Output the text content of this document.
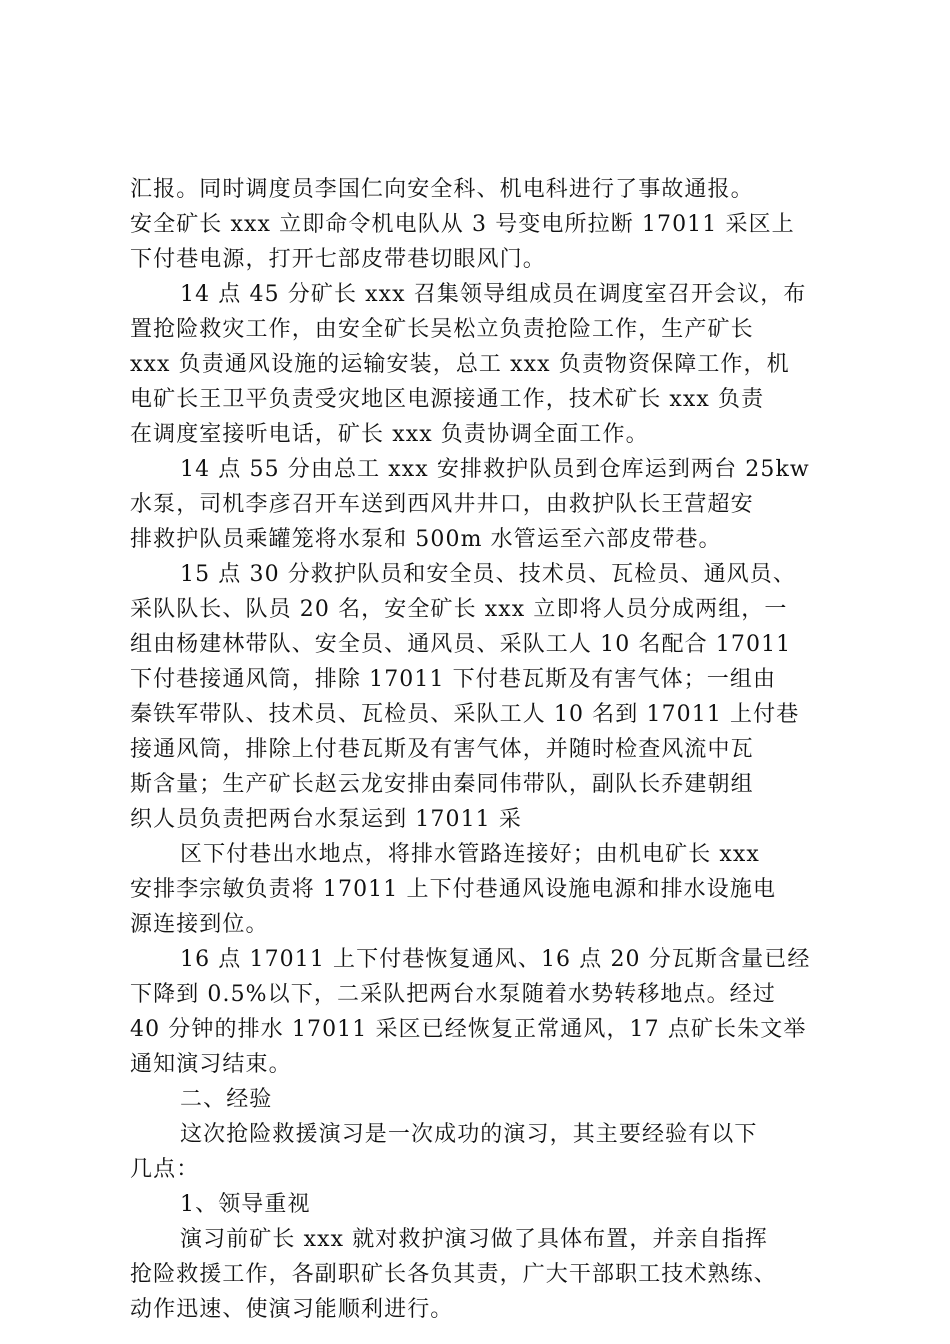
汇报。同时调度员李国仁向安全科、机电科进行了事故通报。
安全矿长 xxx 立即命令机电队从 3 号变电所拉断 17011 采区上
下付巷电源，打开七部皮带巷切眼风门。
14 点 45 分矿长 xxx 召集领导组成员在调度室召开会议，布
置抢险救灾工作，由安全矿长吴松立负责抢险工作，生产矿长
xxx 负责通风设施的运输安装，总工 xxx 负责物资保障工作，机
电矿长王卫平负责受灾地区电源接通工作，技术矿长 xxx 负责
在调度室接听电话，矿长 xxx 负责协调全面工作。
14 点 55 分由总工 xxx 安排救护队员到仓库运到两台 25kw
水泵，司机李彦召开车送到西风井井口，由救护队长王营超安
排救护队员乘罐笼将水泵和 500m 水管运至六部皮带巷。
15 点 30 分救护队员和安全员、技术员、瓦检员、通风员、
采队队长、队员 20 名，安全矿长 xxx 立即将人员分成两组，一
组由杨建林带队、安全员、通风员、采队工人 10 名配合 17011
下付巷接通风筒，排除 17011 下付巷瓦斯及有害气体；一组由
秦铁军带队、技术员、瓦检员、采队工人 10 名到 17011 上付巷
接通风筒，排除上付巷瓦斯及有害气体，并随时检查风流中瓦
斯含量；生产矿长赵云龙安排由秦同伟带队，副队长乔建朝组
织人员负责把两台水泵运到 17011 采
区下付巷出水地点，将排水管路连接好；由机电矿长 xxx
安排李宗敏负责将 17011 上下付巷通风设施电源和排水设施电
源连接到位。
16 点 17011 上下付巷恢复通风、16 点 20 分瓦斯含量已经
下降到 0.5%以下，二采队把两台水泵随着水势转移地点。经过
40 分钟的排水 17011 采区已经恢复正常通风，17 点矿长朱文举
通知演习结束。
二、经验
这次抢险救援演习是一次成功的演习，其主要经验有以下
几点：
1、领导重视
演习前矿长 xxx 就对救护演习做了具体布置，并亲自指挥
抢险救援工作，各副职矿长各负其责，广大干部职工技术熟练、
动作迅速、使演习能顺利进行。
